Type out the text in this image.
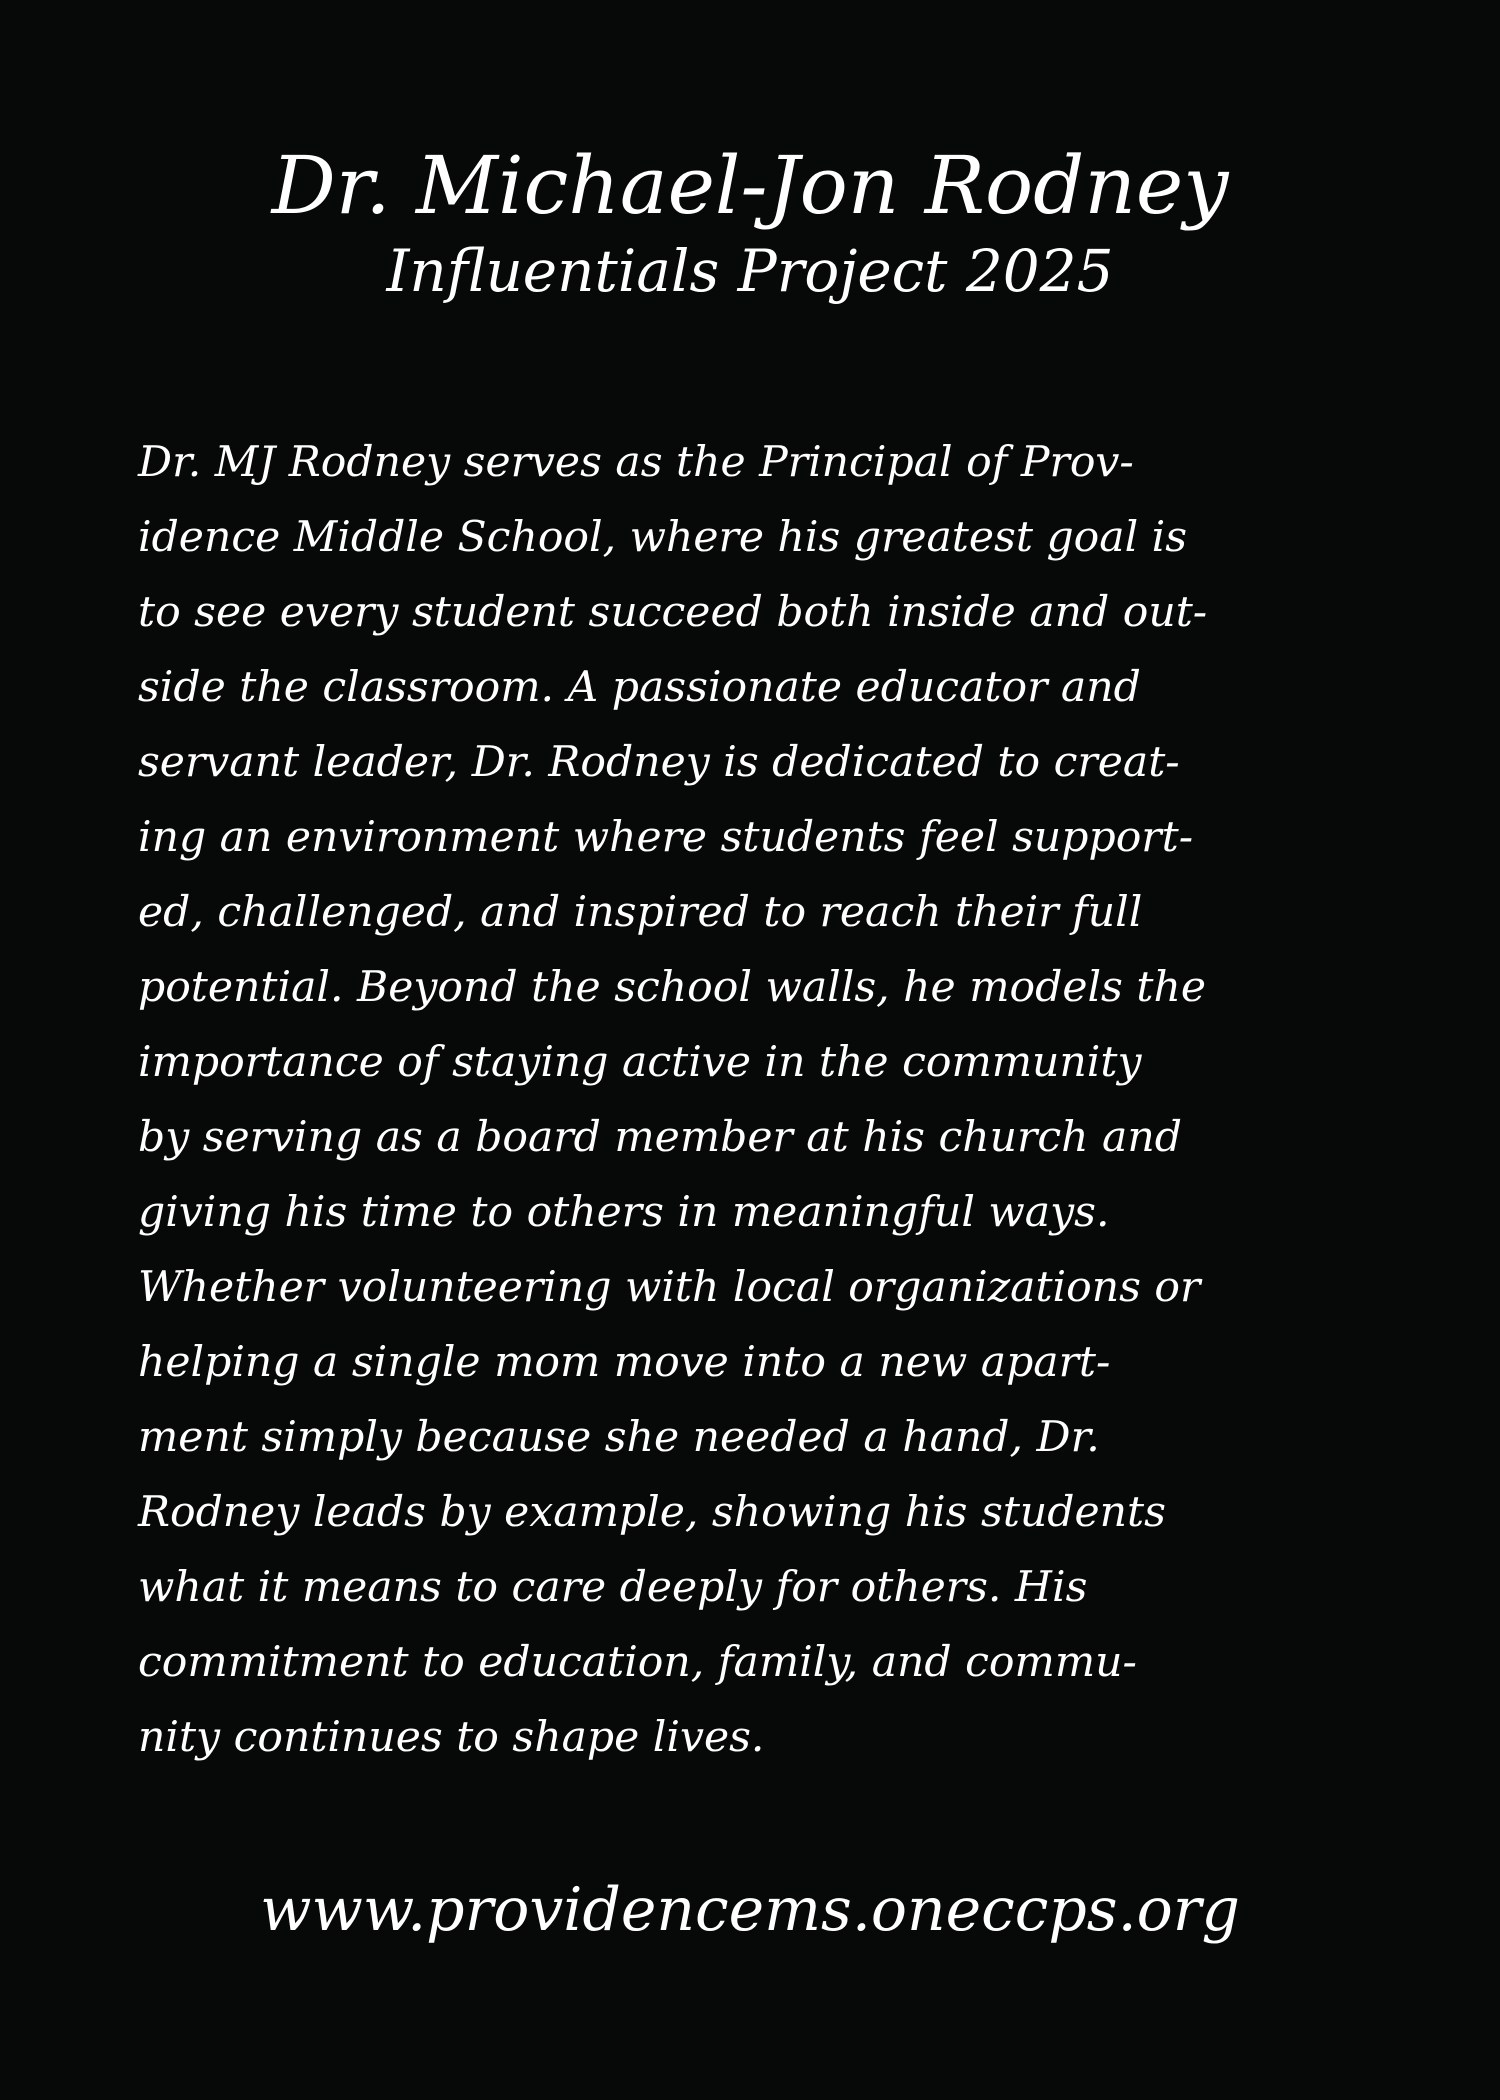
Dr. Michael-Jon Rodney
Influentials Project 2025

Dr. MJ Rodney serves as the Principal of Prov-
idence Middle School, where his greatest goal is
to see every student succeed both inside and out-
side the classroom. A passionate educator and
servant leader, Dr. Rodney is dedicated to creat-
ing an environment where students feel support-
ed, challenged, and inspired to reach their full
potential. Beyond the school walls, he models the
importance of staying active in the community
by serving as a board member at his church and
giving his time to others in meaningful ways.
Whether volunteering with local organizations or
helping a single mom move into a new apart-
ment simply because she needed a hand, Dr.
Rodney leads by example, showing his students
what it means to care deeply for others. His
commitment to education, family, and commu-
nity continues to shape lives.

www.providencems.oneccps.org
